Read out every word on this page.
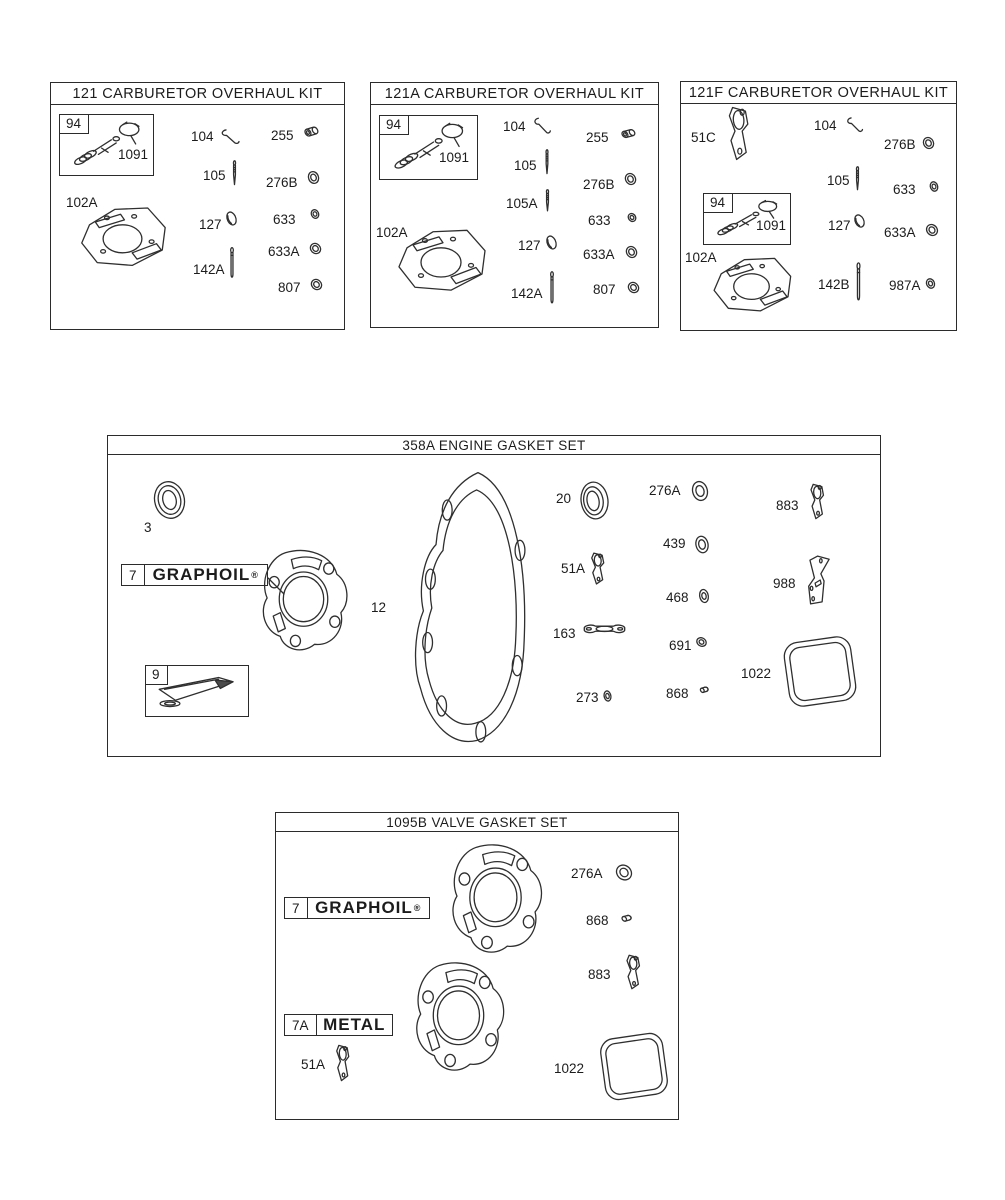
121 CARBURETOR OVERHAUL KIT
94
1091
104	255
105	276B
102A
127	633
633A
142A
807
121A CARBURETOR OVERHAUL KIT
94
1091
104
255
105
276B
105A
633
102A
127
633A
142A	807
121F CARBURETOR OVERHAUL KIT
51C
104
276B
105
633
94
1091	127 633A
102A
142B	987A
358A ENGINE GASKET SET
3
7 GRAPHOIL ®
9
12
20
276A
883
439
51A
988
468
163
691
1022
273	868
1095B VALVE GASKET SET
276A
7 GRAPHOIL ®
868
883
7A METAL
51A	1022
